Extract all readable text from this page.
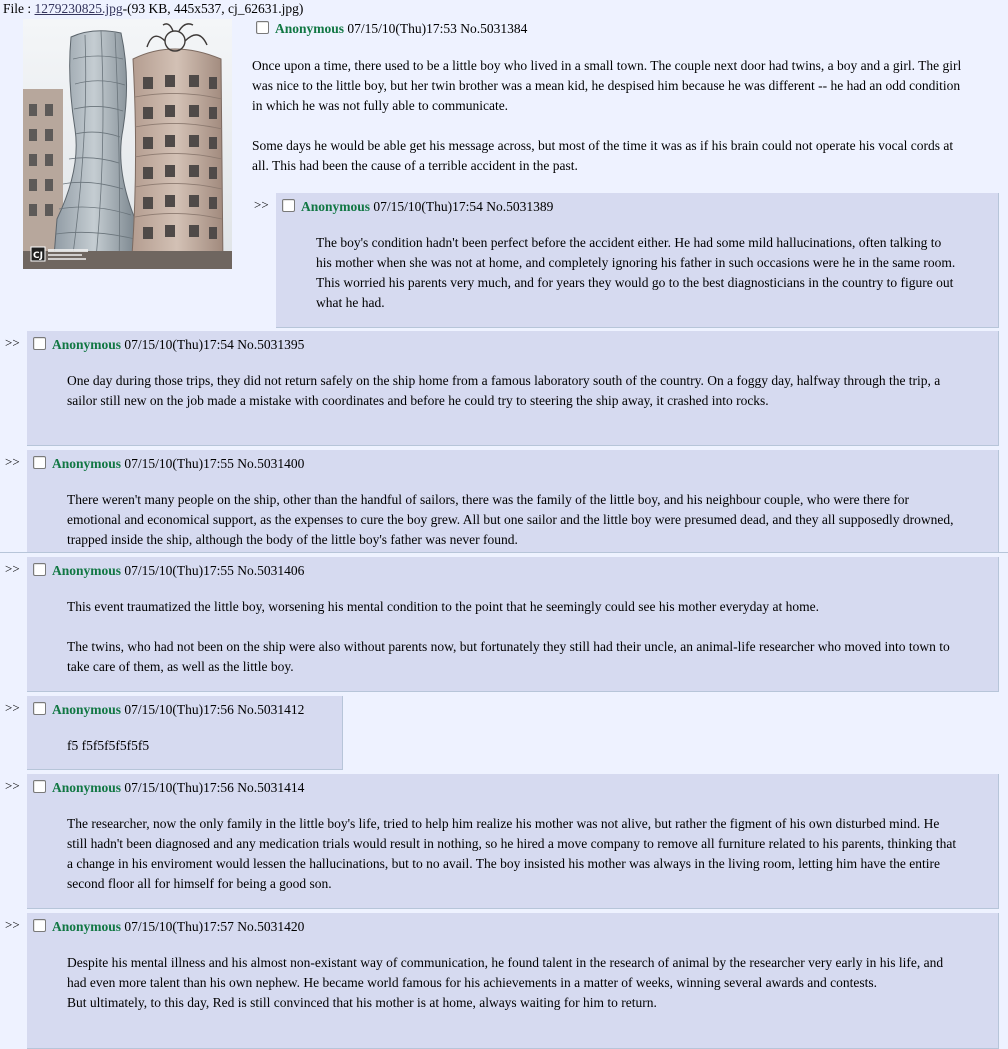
File : 1279230825.jpg-(93 KB, 445x537, cj_62631.jpg)
CJ
Anonymous 07/15/10(Thu)17:53 No.5031384

Once upon a time, there used to be a little boy who lived in a small town. The couple next door had twins, a boy and a girl. The girl was nice to the little boy, but her twin brother was a mean kid, he despised him because he was different -- he had an odd condition in which he was not fully able to communicate.

Some days he would be able get his message across, but most of the time it was as if his brain could not operate his vocal cords at all. This had been the cause of a terrible accident in the past.

>>	Anonymous 07/15/10(Thu)17:54 No.5031389

The boy's condition hadn't been perfect before the accident either. He had some mild hallucinations, often talking to his mother when she was not at home, and completely ignoring his father in such occasions were he in the same room. This worried his parents very much, and for years they would go to the best diagnosticians in the country to figure out what he had.

>>	Anonymous 07/15/10(Thu)17:54 No.5031395

One day during those trips, they did not return safely on the ship home from a famous laboratory south of the country. On a foggy day, halfway through the trip, a sailor still new on the job made a mistake with coordinates and before he could try to steering the ship away, it crashed into rocks.

>>	Anonymous 07/15/10(Thu)17:55 No.5031400

There weren't many people on the ship, other than the handful of sailors, there was the family of the little boy, and his neighbour couple, who were there for emotional and economical support, as the expenses to cure the boy grew. All but one sailor and the little boy were presumed dead, and they all supposedly drowned, trapped inside the ship, although the body of the little boy's father was never found.

>>	Anonymous 07/15/10(Thu)17:55 No.5031406

This event traumatized the little boy, worsening his mental condition to the point that he seemingly could see his mother everyday at home.

The twins, who had not been on the ship were also without parents now, but fortunately they still had their uncle, an animal-life researcher who moved into town to take care of them, as well as the little boy.

>>	Anonymous 07/15/10(Thu)17:56 No.5031412

f5 f5f5f5f5f5f5

>>	Anonymous 07/15/10(Thu)17:56 No.5031414

The researcher, now the only family in the little boy's life, tried to help him realize his mother was not alive, but rather the figment of his own disturbed mind. He still hadn't been diagnosed and any medication trials would result in nothing, so he hired a move company to remove all furniture related to his parents, thinking that a change in his enviroment would lessen the hallucinations, but to no avail. The boy insisted his mother was always in the living room, letting him have the entire second floor all for himself for being a good son.

>>	Anonymous 07/15/10(Thu)17:57 No.5031420

Despite his mental illness and his almost non-existant way of communication, he found talent in the research of animal by the researcher very early in his life, and had even more talent than his own nephew. He became world famous for his achievements in a matter of weeks, winning several awards and contests.

But ultimately, to this day, Red is still convinced that his mother is at home, always waiting for him to return.
